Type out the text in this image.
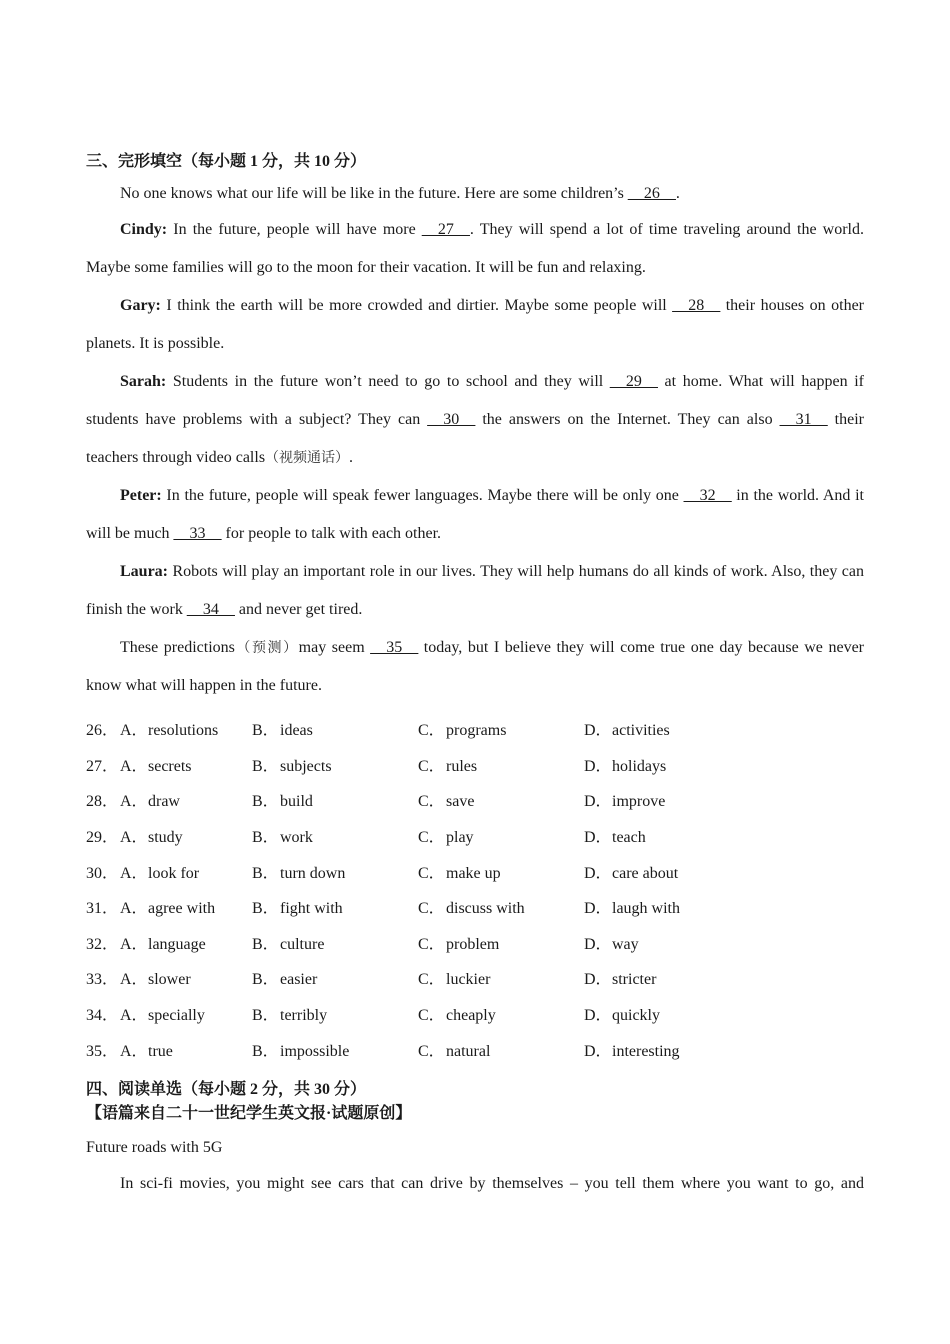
三、完形填空（每小题 1 分，共 10 分）

No one knows what our life will be like in the future. Here are some children’s __26__.

Cindy: In the future, people will have more __27__. They will spend a lot of time traveling around the world. Maybe some families will go to the moon for their vacation. It will be fun and relaxing.

Gary: I think the earth will be more crowded and dirtier. Maybe some people will __28__ their houses on other planets. It is possible.

Sarah: Students in the future won’t need to go to school and they will __29__ at home. What will happen if students have problems with a subject? They can __30__ the answers on the Internet. They can also __31__ their teachers through video calls（视频通话）.

Peter: In the future, people will speak fewer languages. Maybe there will be only one __32__ in the world. And it will be much __33__ for people to talk with each other.

Laura: Robots will play an important role in our lives. They will help humans do all kinds of work. Also, they can finish the work __34__ and never get tired.

These predictions（预测）may seem __35__ today, but I believe they will come true one day because we never know what will happen in the future.

26． A．resolutions	B．ideas	C．programs	D．activities
27． A．secrets	B．subjects	C．rules	D．holidays
28． A．draw	B．build	C．save	D．improve
29． A．study	B．work	C．play	D．teach
30． A．look for	B．turn down	C．make up	D．care about
31． A．agree with	B．fight with	C．discuss with	D．laugh with
32． A．language	B．culture	C．problem	D．way
33． A．slower	B．easier	C．luckier	D．stricter
34． A．specially	B．terribly	C．cheaply	D．quickly
35． A．true	B．impossible	C．natural	D．interesting

四、阅读单选（每小题 2 分，共 30 分）

【语篇来自二十一世纪学生英文报·试题原创】

Future roads with 5G

In sci-fi movies, you might see cars that can drive by themselves – you tell them where you want to go, and
